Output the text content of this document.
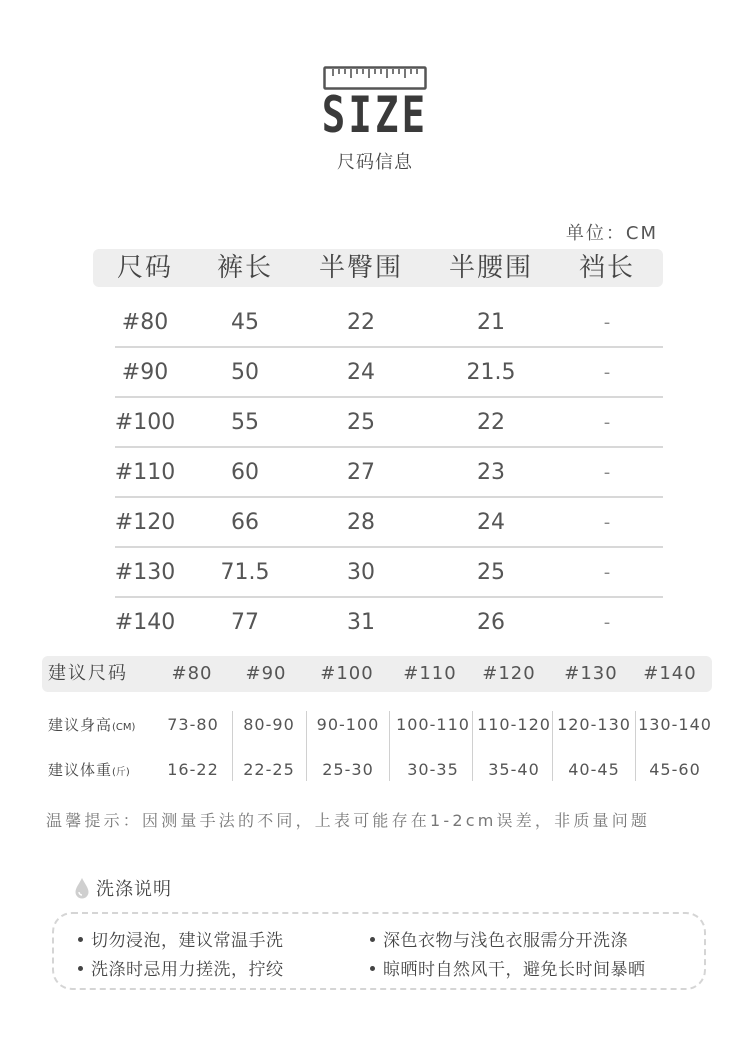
SIZE
尺码信息
单位：CM
尺码 裤长 半臀围 半腰围 裆长
#80	45	22	21	-
#90	50	24	21.5	-
#100	55	25	22	-
#110	60	27	23	-
#120	66	28	24	-
#130 71.5	30	25	-
#140	77	31	26	-
建议尺码 #80 #90 #100 #110 #120 #130 #140
建议身高(CM) 73-80 80-90 90-100 100-110 110-120 120-130 130-140
建议体重(斤) 16-22 22-25 25-30 30-35 35-40 40-45 45-60
温馨提示：因测量手法的不同，上表可能存在1-2cm误差，非质量问题
洗涤说明
切勿浸泡，建议常温手洗	深色衣物与浅色衣服需分开洗涤
洗涤时忌用力搓洗，拧绞	晾晒时自然风干，避免长时间暴晒
